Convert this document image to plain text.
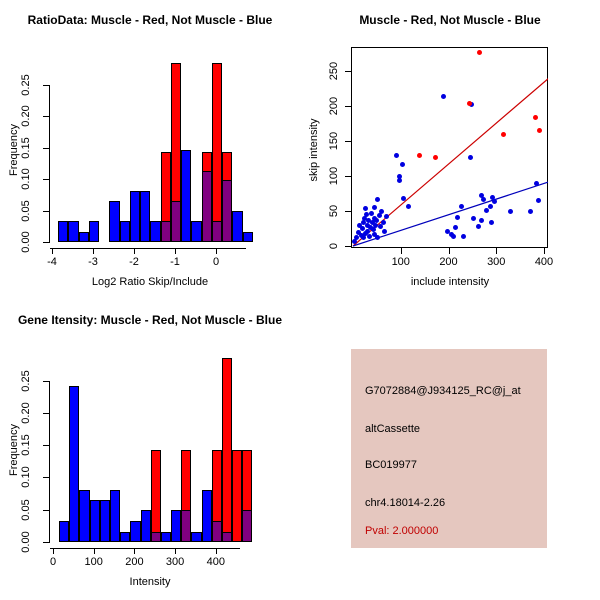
-4	-3	-2	-1	0
0.00
0.05
0.10
0.15
0.20
0.25
RatioData: Muscle - Red, Not Muscle - Blue
Log2 Ratio Skip/Include
Frequency
100	200	300	400
0
50
100
150
200
250
Muscle - Red, Not Muscle - Blue
include intensity
skip intensity
0	100	200	300	400
0.00
0.05
0.10
0.15
0.20
0.25
Gene Itensity: Muscle - Red, Not Muscle - Blue
Intensity
Frequency
G7072884@J934125_RC@j_at
altCassette
BC019977
chr4.18014-2.26
Pval: 2.000000
